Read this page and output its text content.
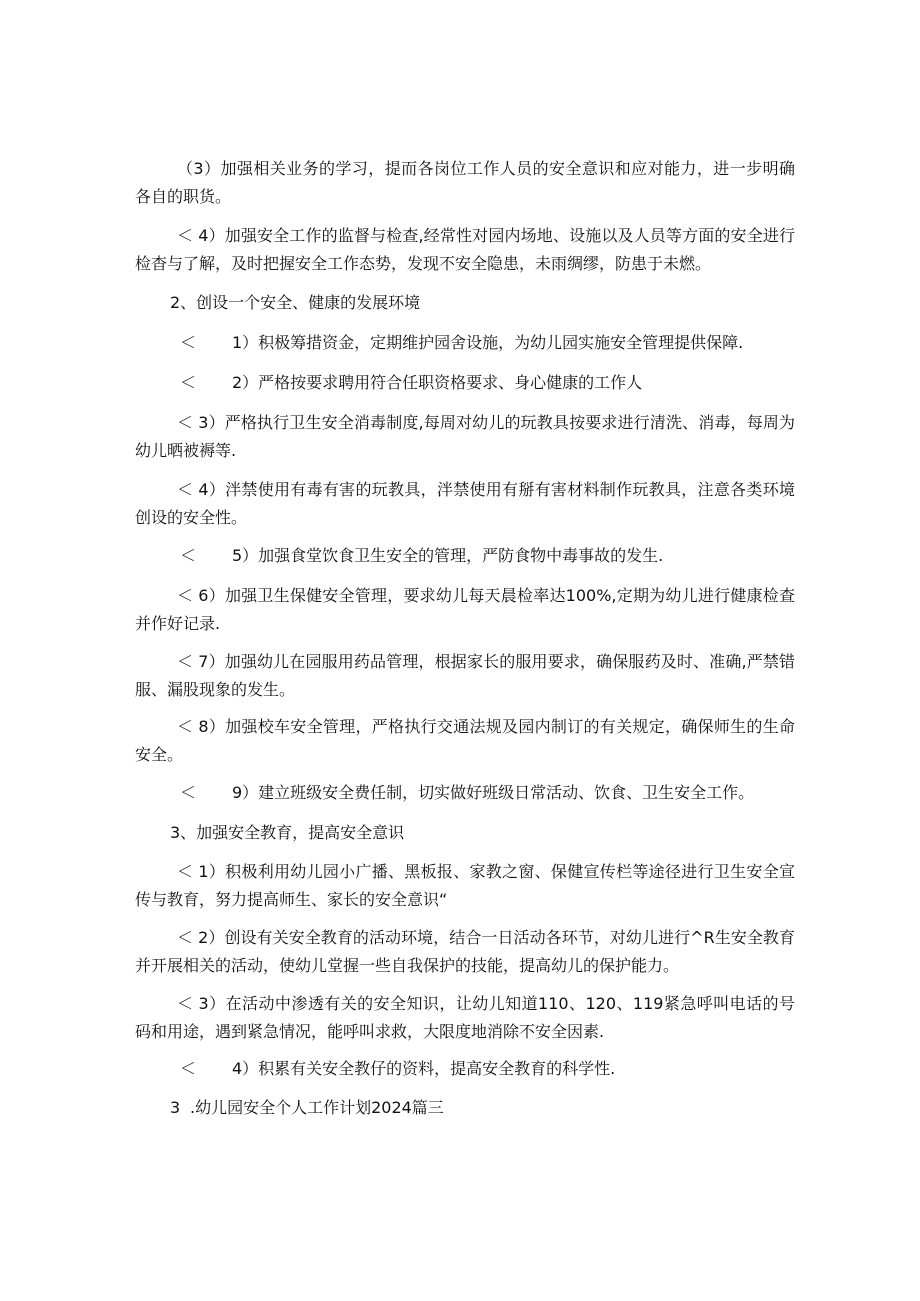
（3）加强相关业务的学习，提而各岗位工作人员的安全意识和应对能力，进一步明确各自的职货。

＜ 4）加强安全工作的监督与检查,经常性对园内场地、设施以及人员等方面的安全进行检杳与了解，及时把握安全工作态势，发现不安全隐患，未雨绸缪，防患于未燃。

2、创设一个安全、健康的发展环境

＜ 1）积极筹措资金，定期维护园舍设施，为幼儿园实施安全管理提供保障.

＜ 2）严格按要求聘用符合任职资格要求、身心健康的工作人

＜ 3）严格执行卫生安全消毒制度,每周对幼儿的玩教具按要求进行清洗、消毒，每周为幼儿晒被褥等.

＜ 4）泮禁使用有毒有害的玩教具，泮禁使用有掰有害材料制作玩教具，注意各类环境创设的安全性。

＜ 5）加强食堂饮食卫生安全的管理，严防食物中毒事故的发生.

＜ 6）加强卫生保健安全管理，要求幼儿每天晨检率达100%,定期为幼儿进行健康检查并作好记录.

＜ 7）加强幼儿在园服用药品管理，根据家长的服用要求，确保服药及时、准确,严禁错服、漏股现象的发生。

＜ 8）加强校车安全管理，严格执行交通法规及园内制订的有关规定，确保师生的生命安全。

＜ 9）建立班级安全费任制，切实做好班级日常活动、饮食、卫生安全工作。

3、加强安全教育，提高安全意识

＜ 1）积极利用幼儿园小广播、黑板报、家教之窗、保健宣传栏等途径进行卫生安全宣传与教育，努力提高师生、家长的安全意识“

＜ 2）创设有关安全教育的活动环境，结合一日活动各环节，对幼儿进行^R生安全教育并开展相关的活动，使幼儿堂握一些自我保护的技能，提高幼儿的保护能力。

＜ 3）在活动中渗透有关的安全知识，让幼儿知道110、120、119紧急呼叫电话的号码和用途，遇到紧急情况，能呼叫求救，大限度地消除不安全因素.

＜ 4）积累有关安全教仔的资料，提高安全教育的科学性.

3 .幼儿园安全个人工作计划2024篇三
